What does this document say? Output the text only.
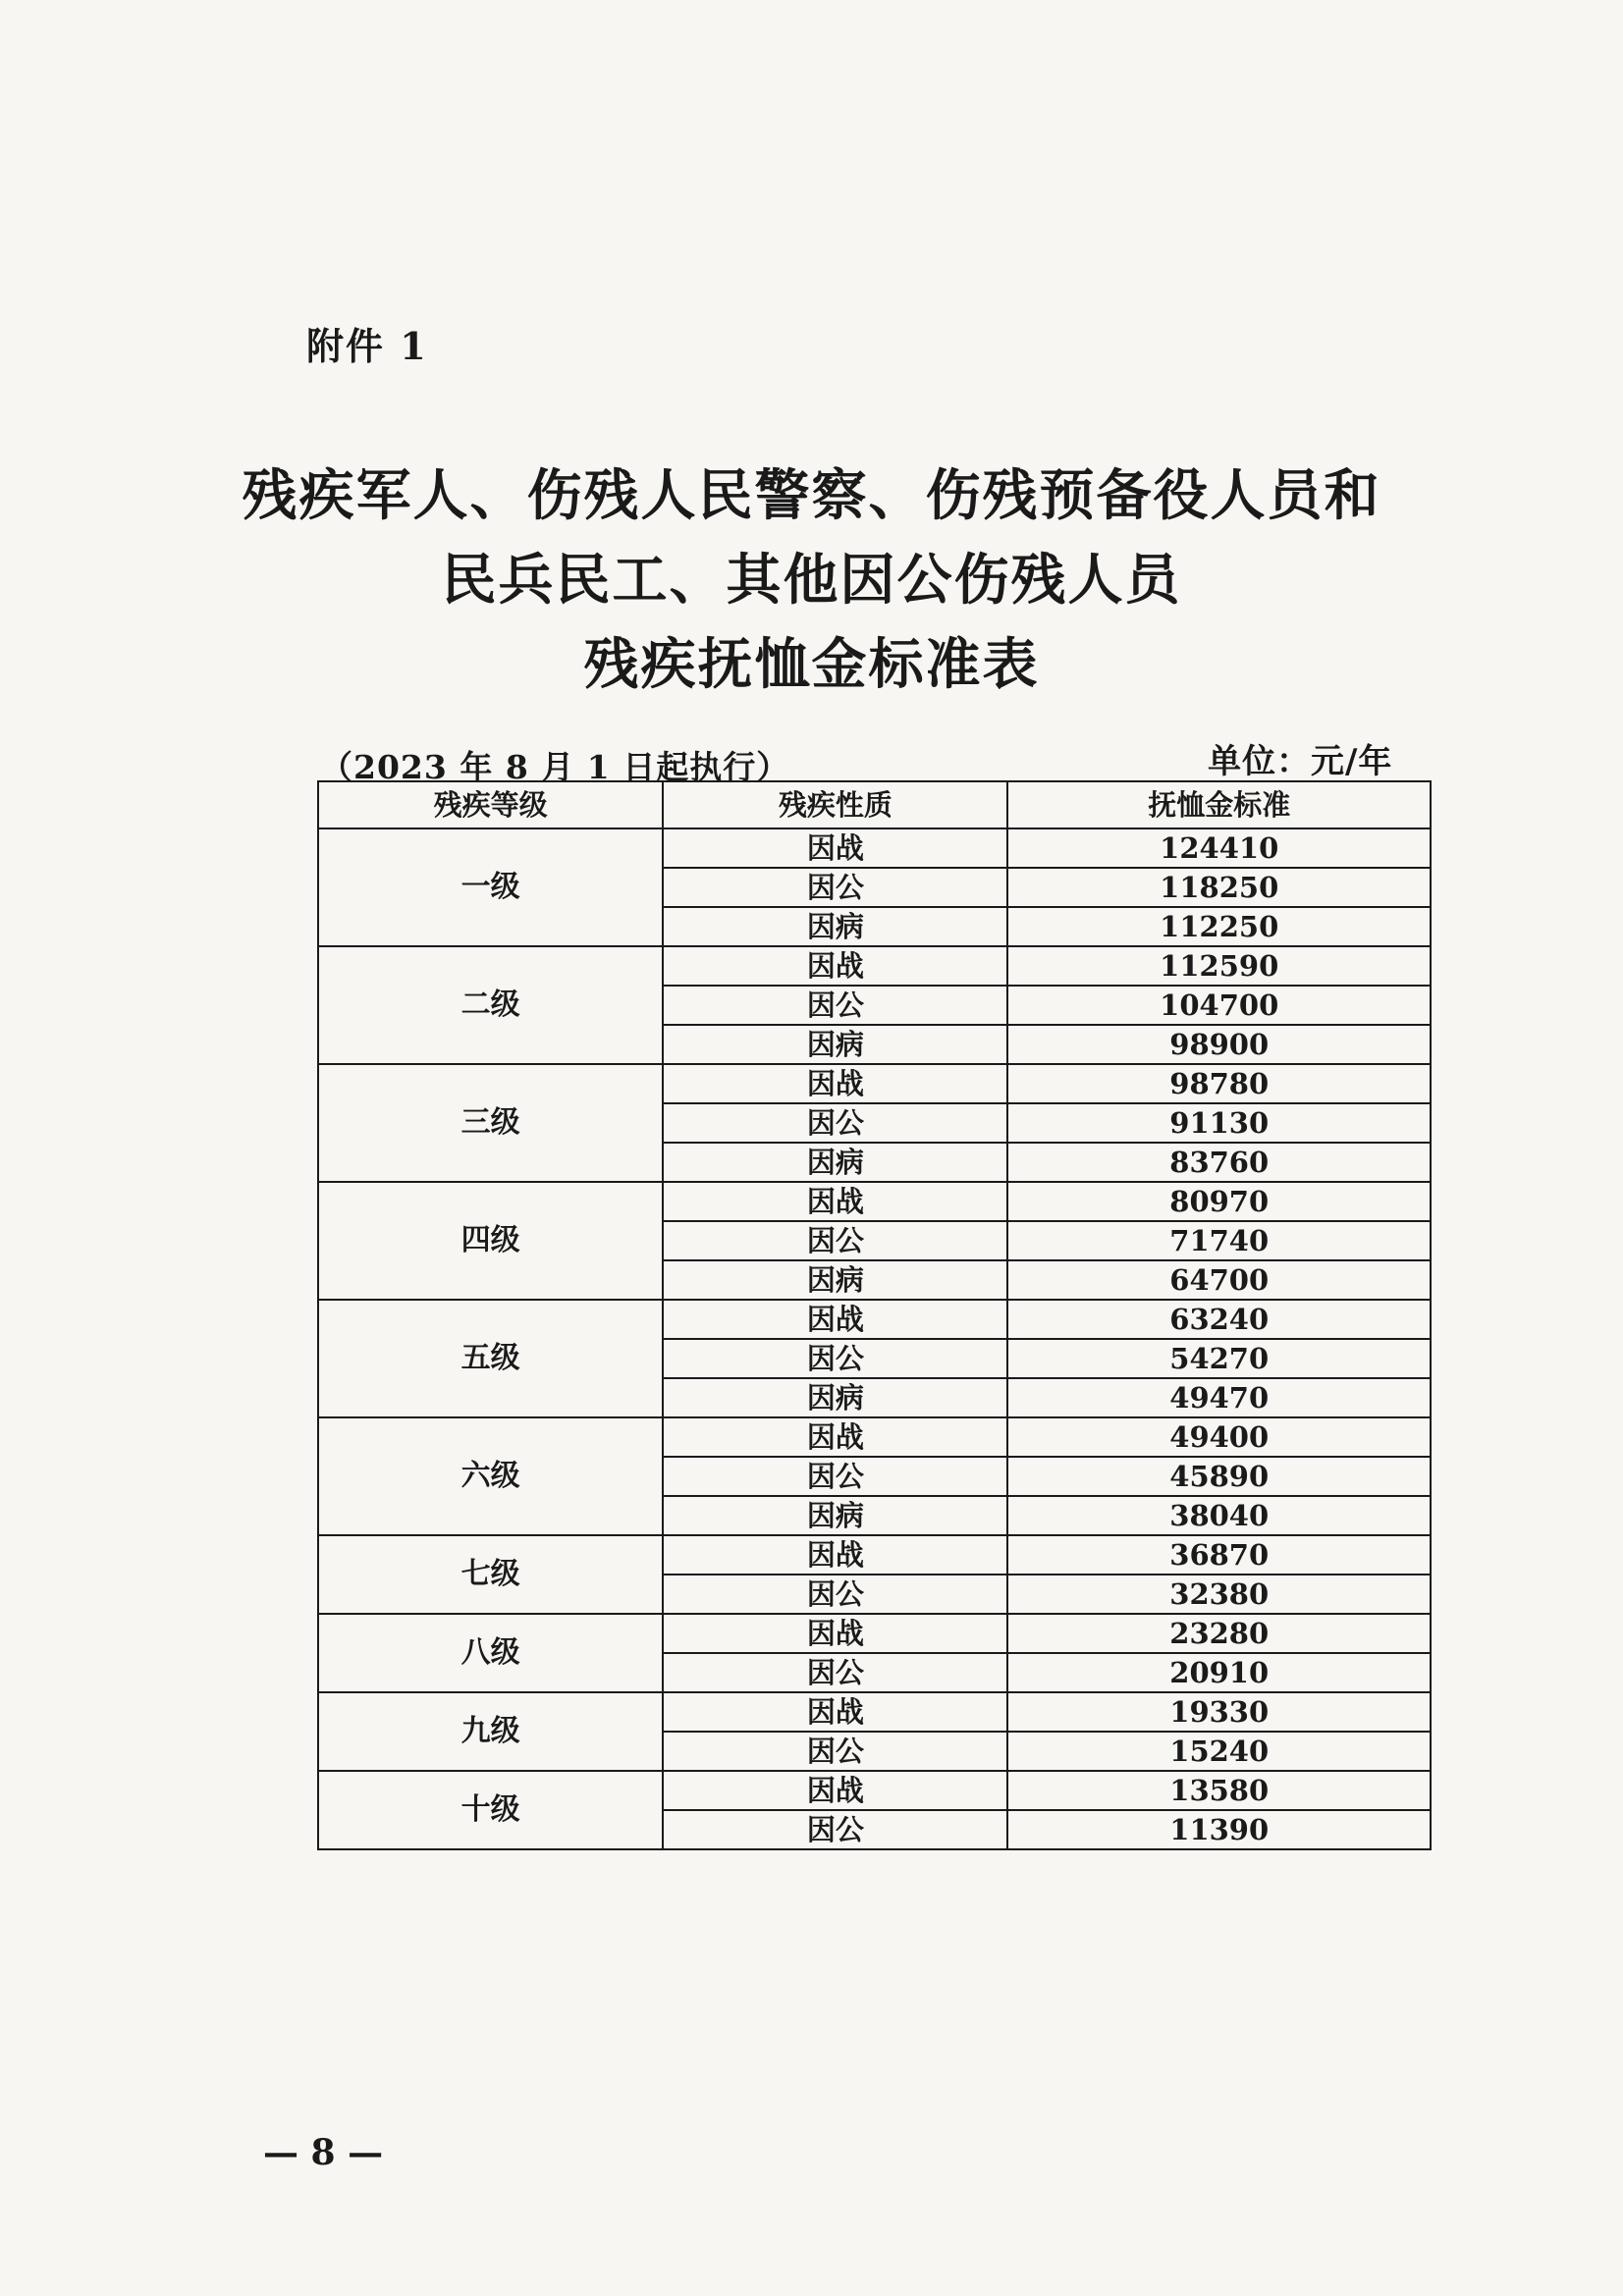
附件 1
残疾军人、伤残人民警察、伤残预备役人员和
民兵民工、其他因公伤残人员
残疾抚恤金标准表
（2023 年 8 月 1 日起执行）	单位：元/年
残疾等级	残疾性质	抚恤金标准
一级	因战	124410
	因公	118250
	因病	112250
二级	因战	112590
	因公	104700
	因病	98900
三级	因战	98780
	因公	91130
	因病	83760
四级	因战	80970
	因公	71740
	因病	64700
五级	因战	63240
	因公	54270
	因病	49470
六级	因战	49400
	因公	45890
	因病	38040
七级	因战	36870
	因公	32380
八级	因战	23280
	因公	20910
九级	因战	19330
	因公	15240
十级	因战	13580
	因公	11390
— 8 —
